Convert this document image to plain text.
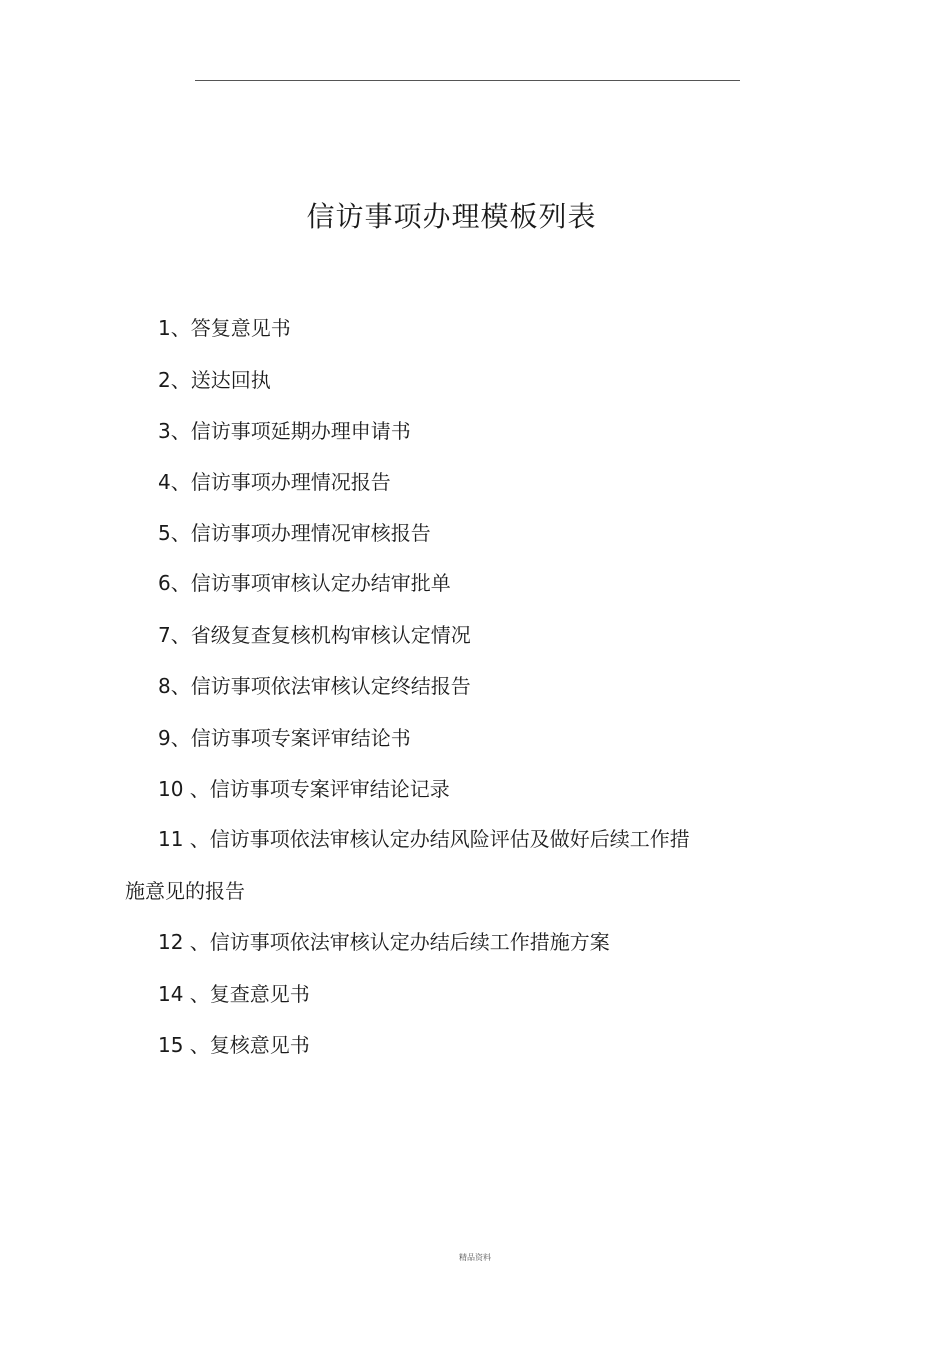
信访事项办理模板列表
1、答复意见书
2、送达回执
3、信访事项延期办理申请书
4、信访事项办理情况报告
5、信访事项办理情况审核报告
6、信访事项审核认定办结审批单
7、省级复查复核机构审核认定情况
8、信访事项依法审核认定终结报告
9、信访事项专案评审结论书
10 、信访事项专案评审结论记录
11 、信访事项依法审核认定办结风险评估及做好后续工作措
施意见的报告
12 、信访事项依法审核认定办结后续工作措施方案
14 、复查意见书
15 、复核意见书
精品资料
